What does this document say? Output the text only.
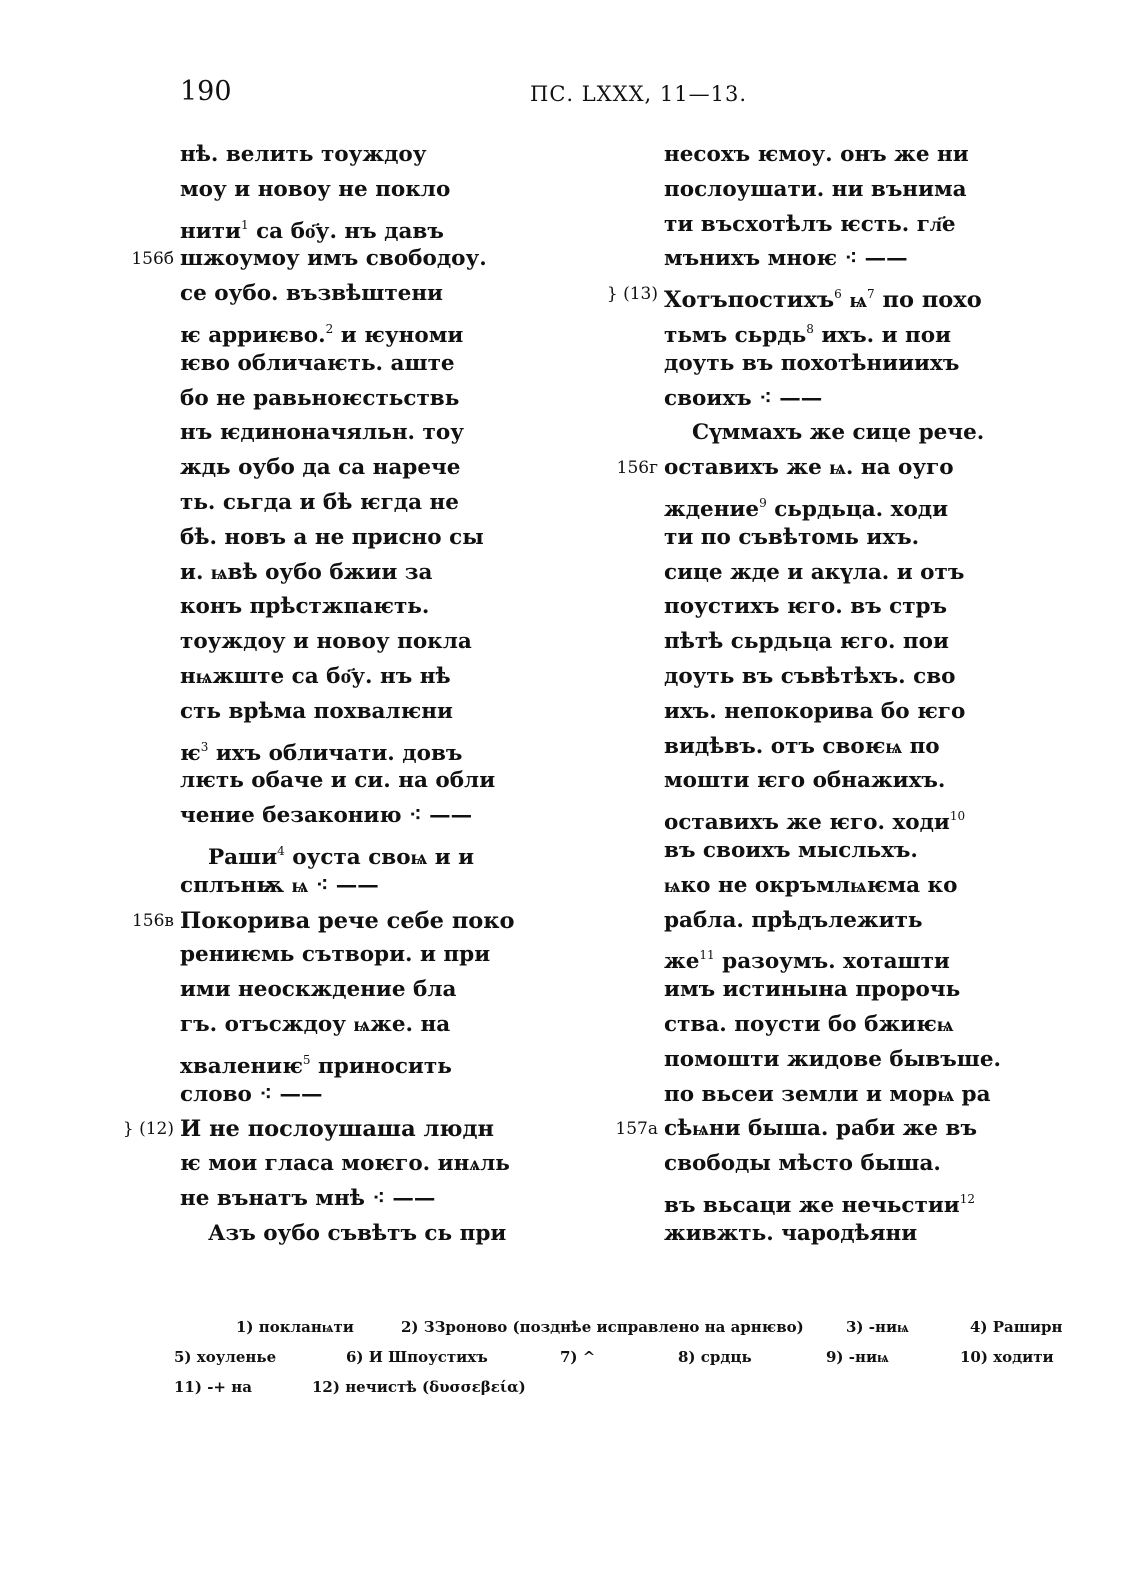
190	ПС. LXXX, 11—13.
нѣ. велить тоуждоу
моу и новоу не покло
нити$^1$ са бо҃у. нъ давъ
156б шжоумоу имъ свободоу.
се оубо. възвѣштени
ѥ арриѥво.$^2$ и ѥуноми
ѥво обличаѥть. аште
бо не равьноѥстьствь
нъ ѥдиноначяльн. тоу
ждь оубо да са нарече
ть. сьгда и бѣ ѥгда не
бѣ. новъ а не присно сы
и. ѩвѣ оубо бжии за
конъ прѣстжпаѥть.
тоуждоу и новоу покла
нѩжште са бо҃у. нъ нѣ
сть врѣма похвалѥни
$ѥ^3$ ихъ обличати. довъ
лѥть обаче и си. на обли
чение безаконию ⁖ ——
Раши$^4$ оуста своѩ и и
сплънѭ ѩ ⁖ ——
156в Покорива рече себе поко
рениѥмь сътвори. и при
ими неоскждение бла
гъ. отъсждоу ѩже. на
хвалениѥ$^5$ приносить
слово ⁖ ——
} (12) И не послоушаша людн
ѥ мои гласа моѥго. инѧль
не вънатъ мнѣ ⁖ ——
Азъ оубо съвѣтъ сь при
несохъ ѥмоу. онъ же ни
послоушати. ни вънима
ти въсхотѣлъ ѥсть. гл҃е
мънихъ мноѥ ⁖ ——
} (13) Хотъпостихъ$^6$ $ѩ^7$ по похо
тьмъ сьрдь$^8$ ихъ. и пои
доуть въ похотѣнииихъ
своихъ ⁖ ——
Сүммахъ же сице рече.
156г оставихъ же ѩ. на оуго
ждение$^9$ сьрдьца. ходи
ти по съвѣтомь ихъ.
сице жде и акүла. и отъ
поустихъ ѥго. въ стръ
пѣтѣ сьрдьца ѥго. пои
доуть въ съвѣтѣхъ. сво
ихъ. непокорива бо ѥго
видѣвъ. отъ своѥѩ по
мошти ѥго обнажихъ.
оставихъ же ѥго. ходи$^{10}$
въ своихъ мысльхъ.
ѩко не окръмлѩѥма ко
рабла. прѣдълежить
$же^{11}$ разоумъ. хоташти
имъ истинына пророчь
ства. поусти бо бжиѥѩ
помошти жидове бывъше.
по вьсеи земли и морѩ ра
157а сѣѩни быша. раби же въ
свободы мѣсто быша.
въ вьсаци же нечьстии$^{12}$
живжть. чародѣяни
1) покланѩти	2) ЗЗроново (позднѣе исправлено на арнѥво)	3) -ниѩ	4) Раширн
5) хоуленье	6) И Шпоустихъ	7) ^	8) срдць	9) -ниѩ	10) ходити
11) -+ на	12) нечистѣ (δυσσεβεία)
